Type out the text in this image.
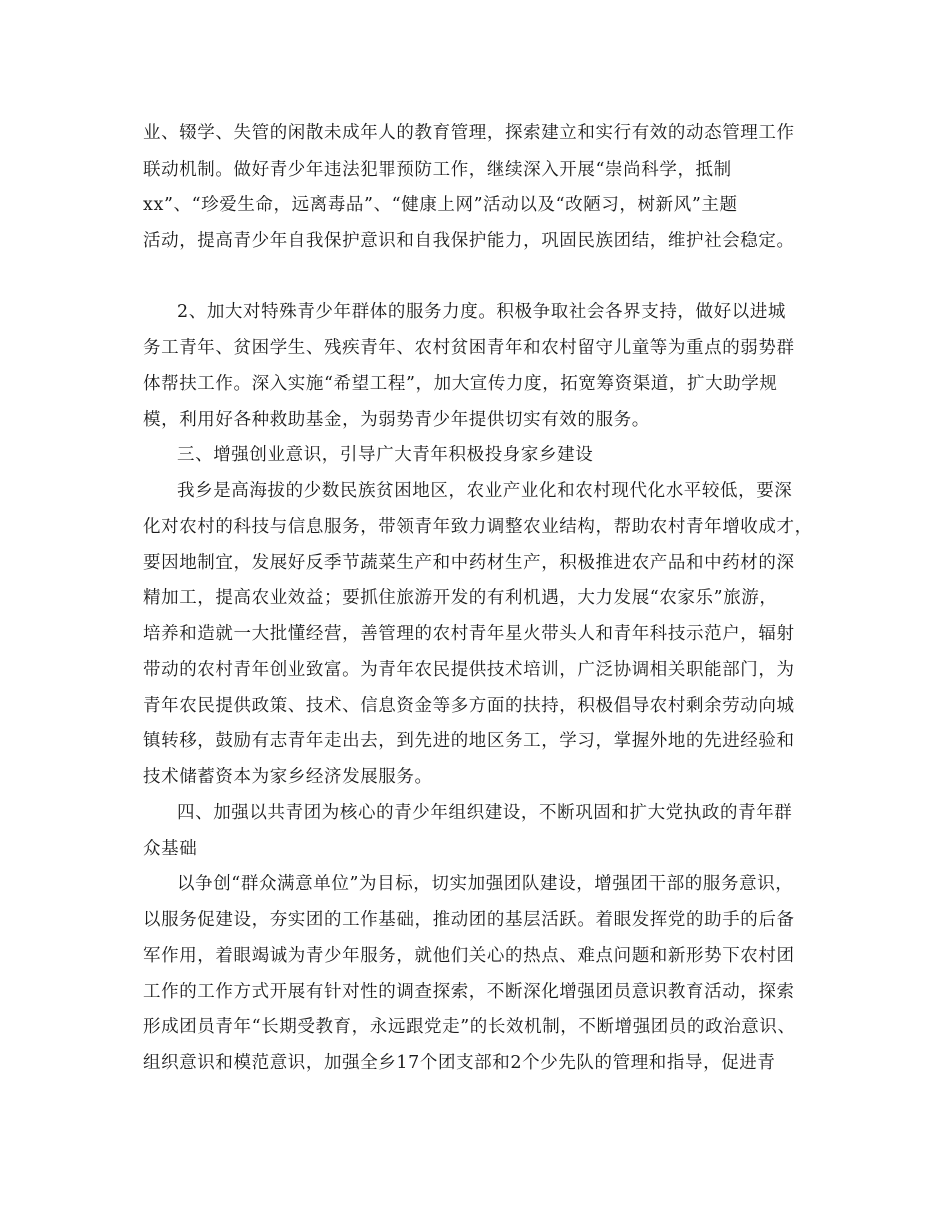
业、辍学、失管的闲散未成年人的教育管理，探索建立和实行有效的动态管理工作

联动机制。做好青少年违法犯罪预防工作，继续深入开展“崇尚科学，抵制

xx”、“珍爱生命，远离毒品”、“健康上网”活动以及“改陋习，树新风”主题

活动，提高青少年自我保护意识和自我保护能力，巩固民族团结，维护社会稳定。

2、加大对特殊青少年群体的服务力度。积极争取社会各界支持，做好以进城

务工青年、贫困学生、残疾青年、农村贫困青年和农村留守儿童等为重点的弱势群

体帮扶工作。深入实施“希望工程”，加大宣传力度，拓宽筹资渠道，扩大助学规

模，利用好各种救助基金，为弱势青少年提供切实有效的服务。

三、增强创业意识，引导广大青年积极投身家乡建设

我乡是高海拔的少数民族贫困地区，农业产业化和农村现代化水平较低，要深

化对农村的科技与信息服务，带领青年致力调整农业结构，帮助农村青年增收成才，

要因地制宜，发展好反季节蔬菜生产和中药材生产，积极推进农产品和中药材的深

精加工，提高农业效益；要抓住旅游开发的有利机遇，大力发展“农家乐”旅游，

培养和造就一大批懂经营，善管理的农村青年星火带头人和青年科技示范户，辐射

带动的农村青年创业致富。为青年农民提供技术培训，广泛协调相关职能部门，为

青年农民提供政策、技术、信息资金等多方面的扶持，积极倡导农村剩余劳动向城

镇转移，鼓励有志青年走出去，到先进的地区务工，学习，掌握外地的先进经验和

技术储蓄资本为家乡经济发展服务。

四、加强以共青团为核心的青少年组织建设，不断巩固和扩大党执政的青年群

众基础

以争创“群众满意单位”为目标，切实加强团队建设，增强团干部的服务意识，

以服务促建设，夯实团的工作基础，推动团的基层活跃。着眼发挥党的助手的后备

军作用，着眼竭诚为青少年服务，就他们关心的热点、难点问题和新形势下农村团

工作的工作方式开展有针对性的调查探索，不断深化增强团员意识教育活动，探索

形成团员青年“长期受教育，永远跟党走”的长效机制，不断增强团员的政治意识、

组织意识和模范意识，加强全乡17个团支部和2个少先队的管理和指导，促进青
